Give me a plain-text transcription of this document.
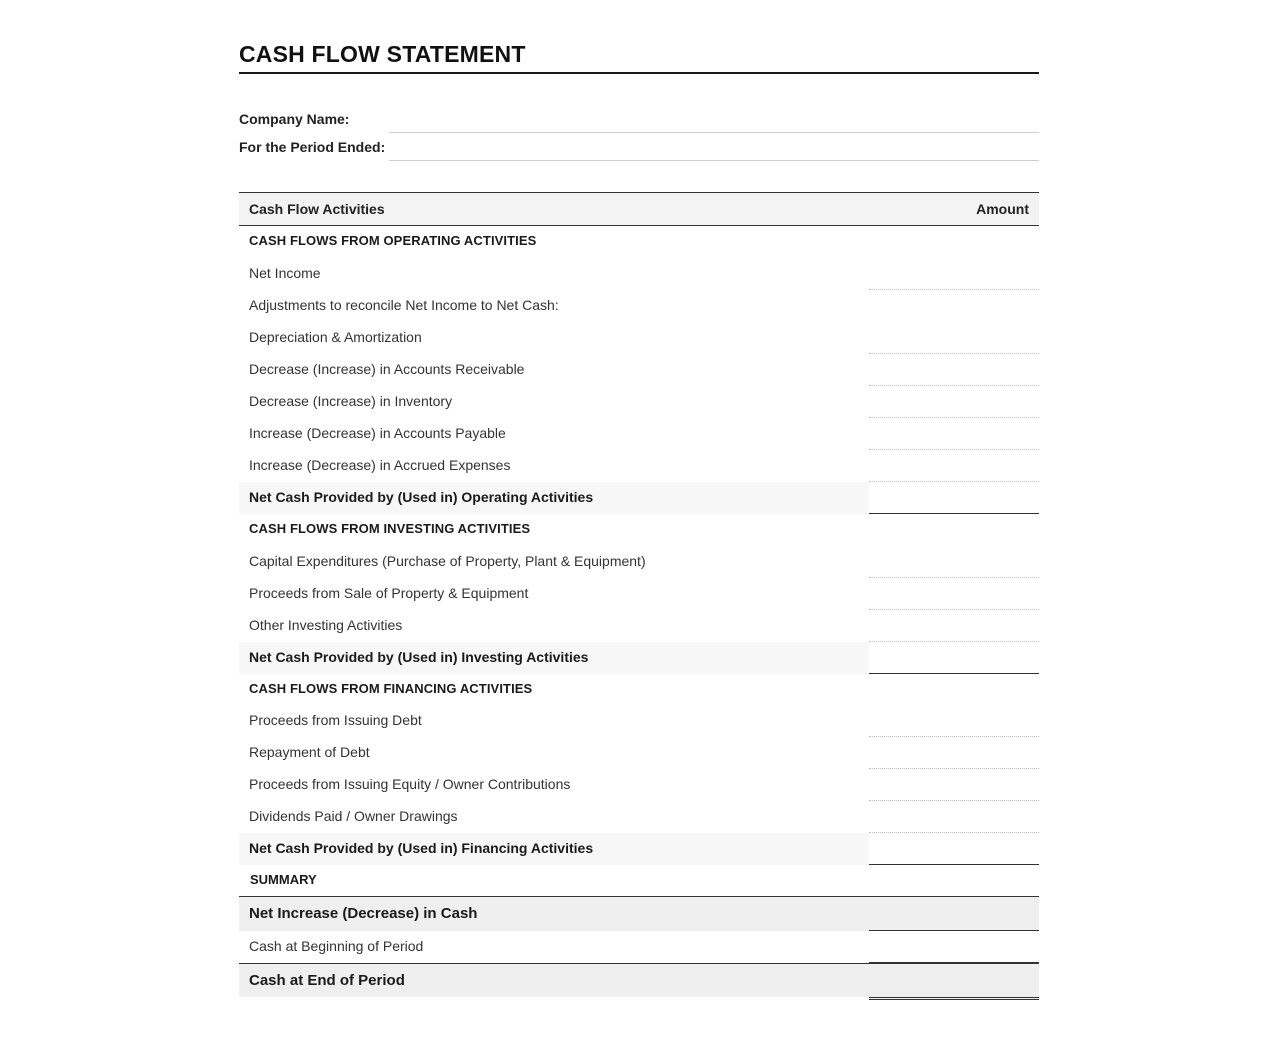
CASH FLOW STATEMENT
Company Name:
For the Period Ended:
Cash Flow Activities	Amount
CASH FLOWS FROM OPERATING ACTIVITIES
Net Income
Adjustments to reconcile Net Income to Net Cash:
Depreciation & Amortization
Decrease (Increase) in Accounts Receivable
Decrease (Increase) in Inventory
Increase (Decrease) in Accounts Payable
Increase (Decrease) in Accrued Expenses
Net Cash Provided by (Used in) Operating Activities
CASH FLOWS FROM INVESTING ACTIVITIES
Capital Expenditures (Purchase of Property, Plant & Equipment)
Proceeds from Sale of Property & Equipment
Other Investing Activities
Net Cash Provided by (Used in) Investing Activities
CASH FLOWS FROM FINANCING ACTIVITIES
Proceeds from Issuing Debt
Repayment of Debt
Proceeds from Issuing Equity / Owner Contributions
Dividends Paid / Owner Drawings
Net Cash Provided by (Used in) Financing Activities
SUMMARY
Net Increase (Decrease) in Cash
Cash at Beginning of Period
Cash at End of Period
